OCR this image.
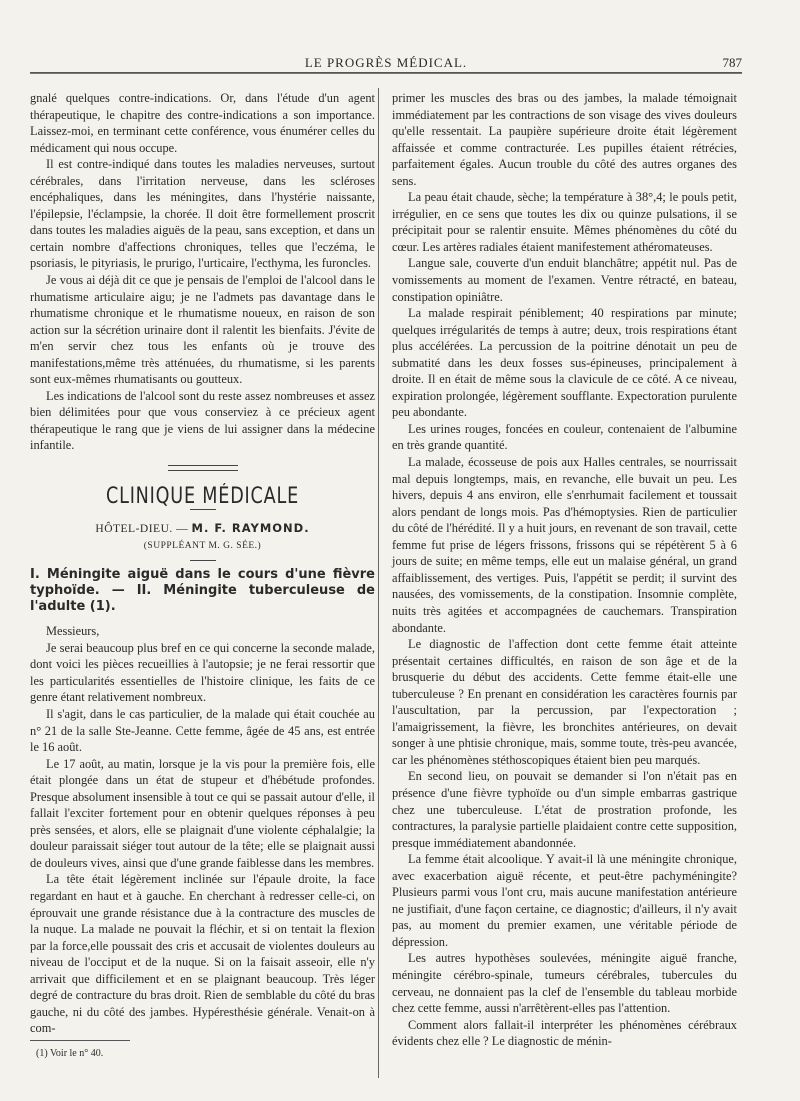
LE PROGRÈS MÉDICAL.	787

gnalé quelques contre-indications. Or, dans l'étude d'un agent thérapeutique, le chapitre des contre-indications a son importance. Laissez-moi, en terminant cette conférence, vous énumérer celles du médicament qui nous occupe.

Il est contre-indiqué dans toutes les maladies nerveuses, surtout cérébrales, dans l'irritation nerveuse, dans les scléroses encéphaliques, dans les méningites, dans l'hystérie naissante, l'épilepsie, l'éclampsie, la chorée. Il doit être formellement proscrit dans toutes les maladies aiguës de la peau, sans exception, et dans un certain nombre d'affections chroniques, telles que l'eczéma, le psoriasis, le pityriasis, le prurigo, l'urticaire, l'ecthyma, les furoncles.

Je vous ai déjà dit ce que je pensais de l'emploi de l'alcool dans le rhumatisme articulaire aigu; je ne l'admets pas davantage dans le rhumatisme chronique et le rhumatisme noueux, en raison de son action sur la sécrétion urinaire dont il ralentit les bienfaits. J'évite de m'en servir chez tous les enfants où je trouve des manifestations,même très atténuées, du rhumatisme, si les parents sont eux-mêmes rhumatisants ou goutteux.

Les indications de l'alcool sont du reste assez nombreuses et assez bien délimitées pour que vous conserviez à ce précieux agent thérapeutique le rang que je viens de lui assigner dans la médecine infantile.

CLINIQUE MÉDICALE
HÔTEL-DIEU. — M. F. RAYMOND.
(SUPPLÉANT M. G. SÉE.)
I. Méningite aiguë dans le cours d'une fièvre typhoïde. — II. Méningite tuberculeuse de l'adulte (1).

Messieurs,

Je serai beaucoup plus bref en ce qui concerne la seconde malade, dont voici les pièces recueillies à l'autopsie; je ne ferai ressortir que les particularités essentielles de l'histoire clinique, les faits de ce genre étant relativement nombreux.

Il s'agit, dans le cas particulier, de la malade qui était couchée au n° 21 de la salle Ste-Jeanne. Cette femme, âgée de 45 ans, est entrée le 16 août.

Le 17 août, au matin, lorsque je la vis pour la première fois, elle était plongée dans un état de stupeur et d'hébétude profondes. Presque absolument insensible à tout ce qui se passait autour d'elle, il fallait l'exciter fortement pour en obtenir quelques réponses à peu près sensées, et alors, elle se plaignait d'une violente céphalalgie; la douleur paraissait siéger tout autour de la tête; elle se plaignait aussi de douleurs vives, ainsi que d'une grande faiblesse dans les membres.

La tête était légèrement inclinée sur l'épaule droite, la face regardant en haut et à gauche. En cherchant à redresser celle-ci, on éprouvait une grande résistance due à la contracture des muscles de la nuque. La malade ne pouvait la fléchir, et si on tentait la flexion par la force,elle poussait des cris et accusait de violentes douleurs au niveau de l'occiput et de la nuque. Si on la faisait asseoir, elle n'y arrivait que difficilement et en se plaignant beaucoup. Très léger degré de contracture du bras droit. Rien de semblable du côté du bras gauche, ni du côté des jambes. Hypéresthésie générale. Venait-on à com-

(1) Voir le n° 40.

primer les muscles des bras ou des jambes, la malade témoignait immédiatement par les contractions de son visage des vives douleurs qu'elle ressentait. La paupière supérieure droite était légèrement affaissée et comme contracturée. Les pupilles étaient rétrécies, parfaitement égales. Aucun trouble du côté des autres organes des sens.

La peau était chaude, sèche; la température à 38°,4; le pouls petit, irrégulier, en ce sens que toutes les dix ou quinze pulsations, il se précipitait pour se ralentir ensuite. Mêmes phénomènes du côté du cœur. Les artères radiales étaient manifestement athéromateuses.

Langue sale, couverte d'un enduit blanchâtre; appétit nul. Pas de vomissements au moment de l'examen. Ventre rétracté, en bateau, constipation opiniâtre.

La malade respirait péniblement; 40 respirations par minute; quelques irrégularités de temps à autre; deux, trois respirations étant plus accélérées. La percussion de la poitrine dénotait un peu de submatité dans les deux fosses sus-épineuses, principalement à droite. Il en était de même sous la clavicule de ce côté. A ce niveau, expiration prolongée, légèrement soufflante. Expectoration purulente peu abondante.

Les urines rouges, foncées en couleur, contenaient de l'albumine en très grande quantité.

La malade, écosseuse de pois aux Halles centrales, se nourrissait mal depuis longtemps, mais, en revanche, elle buvait un peu. Les hivers, depuis 4 ans environ, elle s'enrhumait facilement et toussait alors pendant de longs mois. Pas d'hémoptysies. Rien de particulier du côté de l'hérédité. Il y a huit jours, en revenant de son travail, cette femme fut prise de légers frissons, frissons qui se répétèrent 5 à 6 jours de suite; en même temps, elle eut un malaise général, un grand affaiblissement, des vertiges. Puis, l'appétit se perdit; il survint des nausées, des vomissements, de la constipation. Insomnie complète, nuits très agitées et accompagnées de cauchemars. Transpiration abondante.

Le diagnostic de l'affection dont cette femme était atteinte présentait certaines difficultés, en raison de son âge et de la brusquerie du début des accidents. Cette femme était-elle une tuberculeuse ? En prenant en considération les caractères fournis par l'auscultation, par la percussion, par l'expectoration ; l'amaigrissement, la fièvre, les bronchites antérieures, on devait songer à une phtisie chronique, mais, somme toute, très-peu avancée, car les phénomènes stéthoscopiques étaient bien peu marqués.

En second lieu, on pouvait se demander si l'on n'était pas en présence d'une fièvre typhoïde ou d'un simple embarras gastrique chez une tuberculeuse. L'état de prostration profonde, les contractures, la paralysie partielle plaidaient contre cette supposition, presque immédiatement abandonnée.

La femme était alcoolique. Y avait-il là une méningite chronique, avec exacerbation aiguë récente, et peut-être pachyméningite? Plusieurs parmi vous l'ont cru, mais aucune manifestation antérieure ne justifiait, d'une façon certaine, ce diagnostic; d'ailleurs, il n'y avait pas, au moment du premier examen, une véritable période de dépression.

Les autres hypothèses soulevées, méningite aiguë franche, méningite cérébro-spinale, tumeurs cérébrales, tubercules du cerveau, ne donnaient pas la clef de l'ensemble du tableau morbide chez cette femme, aussi n'arrêtèrent-elles pas l'attention.

Comment alors fallait-il interpréter les phénomènes cérébraux évidents chez elle ? Le diagnostic de ménin-
